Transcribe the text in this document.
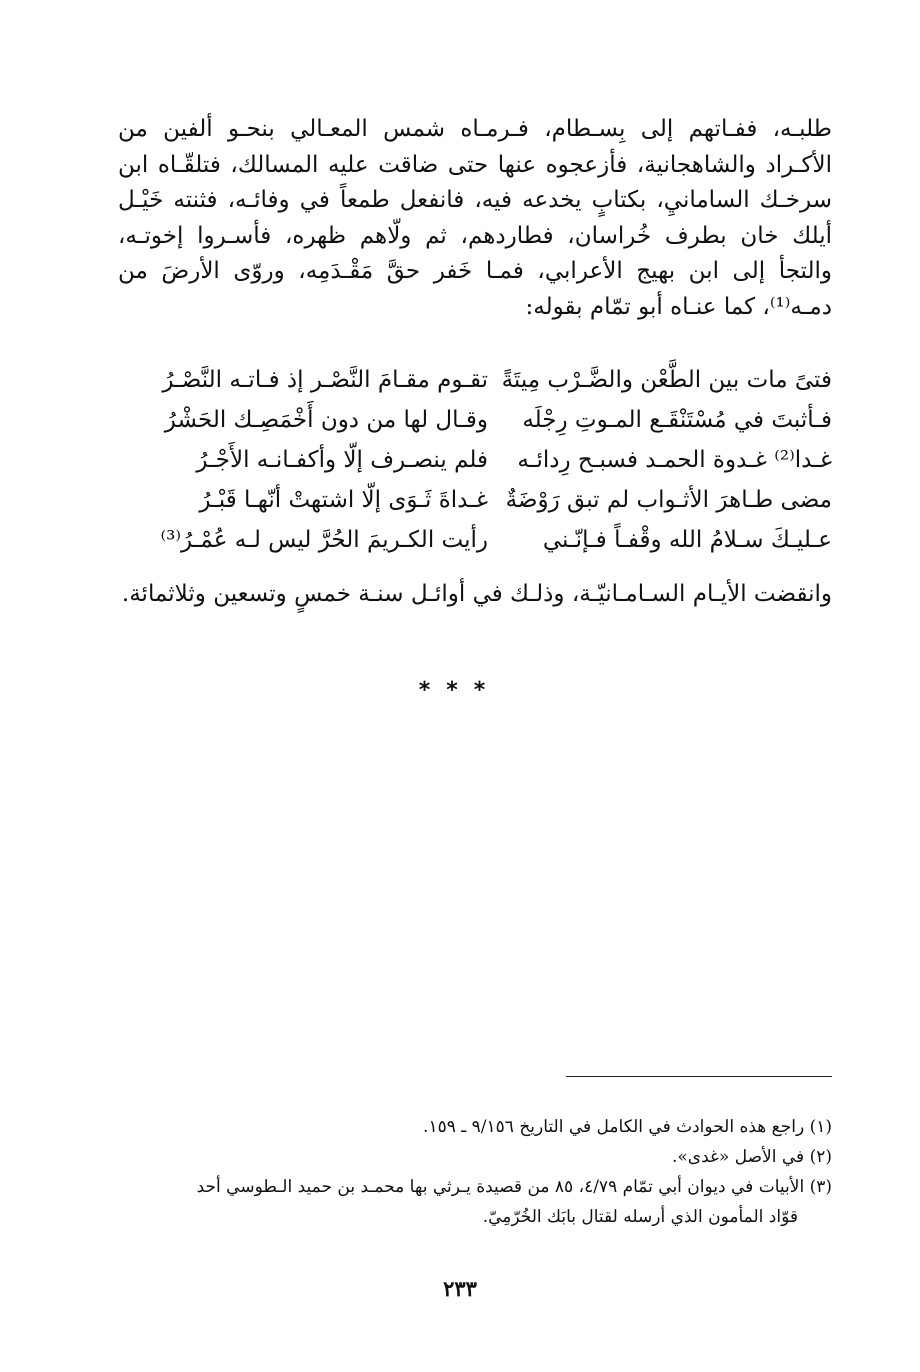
طلبـه، ففـاتهم إلى بِسـطام، فـرمـاه شمس المعـالي بنحـو ألفين من الأكـراد والشاهجانية، فأزعجوه عنها حتى ضاقت عليه المسالك، فتلقّـاه ابن سرخـك السامانيِ، بكتابٍ يخدعه فيه، فانفعل طمعاً في وفائـه، فثنته خَيْـل أيلك خان بطرف خُراسان، فطاردهم، ثم ولّاهم ظهره، فأسـروا إخوتـه، والتجأ إلى ابن بهيج الأعرابي، فمـا خَفر حقَّ مَقْـدَمِه، وروّى الأرضَ من دمـه⁽¹⁾، كما عنـاه أبو تمّام بقوله:

فتىً مات بين الطَّعْن والضَّـرْب مِيتَةً
تقـوم مقـامَ النَّصْـر إذ فـاتـه النَّصْـرُ
فـأثبتَ في مُسْتَنْقَـع المـوتِ رِجْلَه
وقـال لها من دون أَخْمَصِـك الحَشْرُ
غـدا⁽²⁾ غـدوة الحمـد فسبـح رِدائـه
فلم ينصـرف إلّا وأكفـانـه الأَجْـرُ
مضى طـاهرَ الأثـواب لم تبق رَوْضَةٌ
غـداةَ ثَـوَى إلّا اشتهتْ أنّهـا قَبْـرُ
عـليـكَ سـلامُ الله وقْفـاً فـإنّـني
رأيت الكـريمَ الحُرَّ ليس لـه عُمْـرُ⁽³⁾

وانقضت الأيـام السـامـانيّـة، وذلـك في أوائـل سنـة خمسٍ وتسعين وثلاثمائة.

***

(١) راجع هذه الحوادث في الكامل في التاريخ ٩/١٥٦ ـ ١٥٩.

(٢) في الأصل «غدى».

(٣) الأبيات في ديوان أبي تمّام ٤/٧٩، ٨٥ من قصيدة يـرثي بها محمـد بن حميد الـطوسي أحد
قوّاد المأمون الذي أرسله لقتال بابَك الخُرّمِيّ.

٢٣٣
